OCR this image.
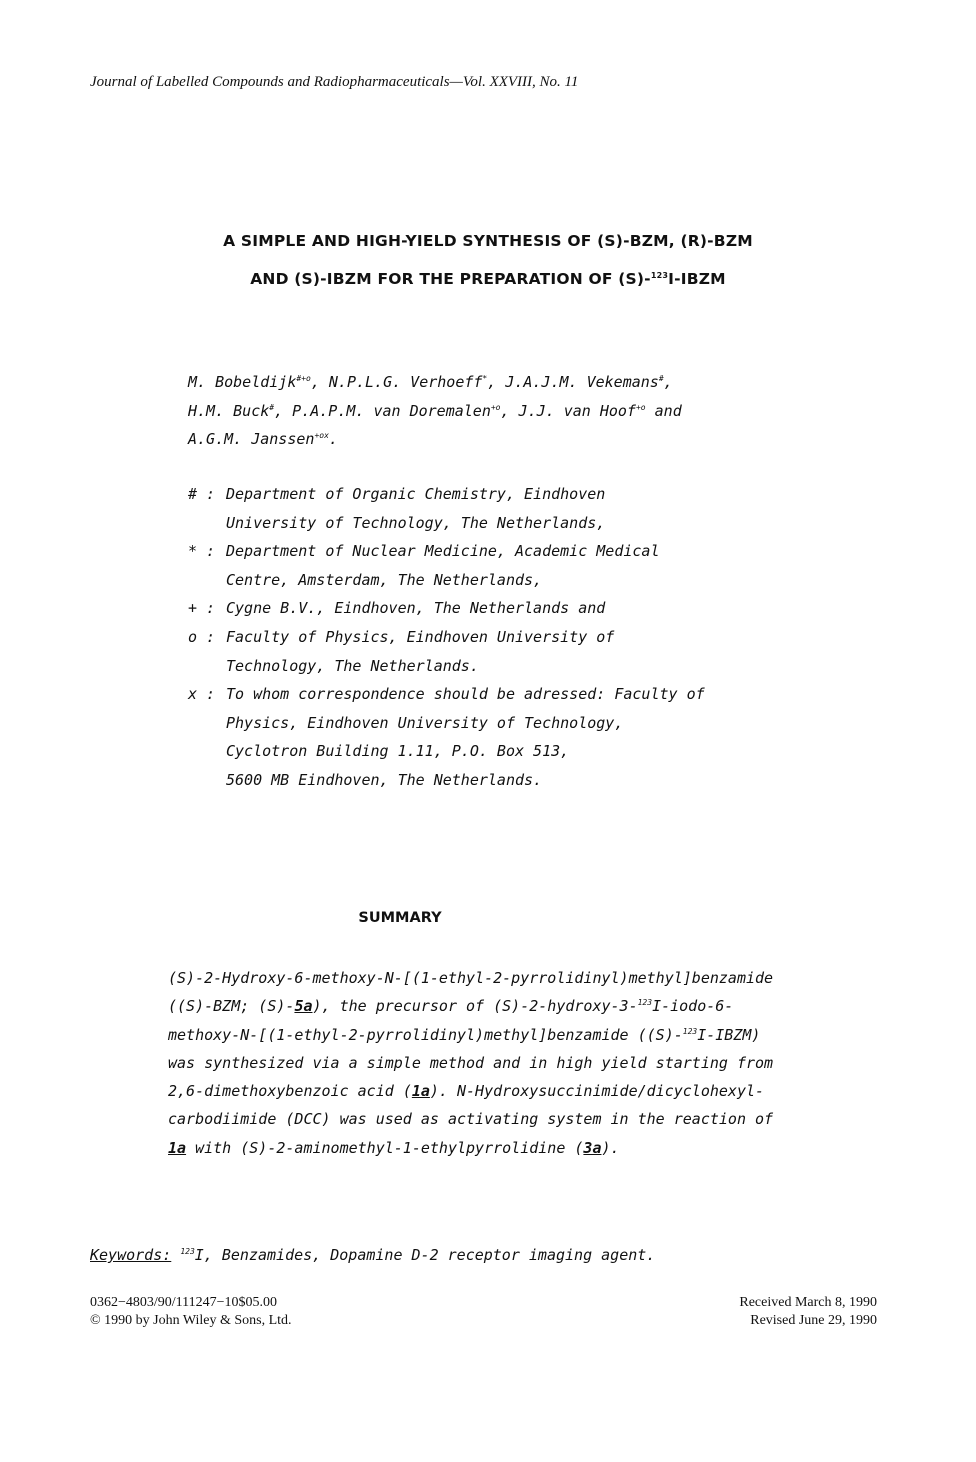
Journal of Labelled Compounds and Radiopharmaceuticals—Vol. XXVIII, No. 11
A SIMPLE AND HIGH-YIELD SYNTHESIS OF (S)-BZM, (R)-BZM
AND (S)-IBZM FOR THE PREPARATION OF (S)-$^{123}$I-IBZM
M. Bobeldijk$^{\#+o}$, N.P.L.G. Verhoeff*, J.A.J.M. Vekemans#,
H.M. Buck#, P.A.P.M. van Doremalen$^{+o}$, J.J. van Hoof$^{+o}$ and
A.G.M. Janssen$^{+ox}$.
# : Department of Organic Chemistry, Eindhoven
University of Technology, The Netherlands,
* : Department of Nuclear Medicine, Academic Medical
Centre, Amsterdam, The Netherlands,
+ : Cygne B.V., Eindhoven, The Netherlands and
o : Faculty of Physics, Eindhoven University of
Technology, The Netherlands.
x : To whom correspondence should be adressed: Faculty of
Physics, Eindhoven University of Technology,
Cyclotron Building 1.11, P.O. Box 513,
5600 MB Eindhoven, The Netherlands.
SUMMARY
(S)-2-Hydroxy-6-methoxy-N-[(1-ethyl-2-pyrrolidinyl)methyl]benzamide
((S)-BZM; (S)-5a), the precursor of (S)-2-hydroxy-3-$^{123}$I-iodo-6-
methoxy-N-[(1-ethyl-2-pyrrolidinyl)methyl]benzamide ((S)-$^{123}$I-IBZM)
was synthesized via a simple method and in high yield starting from
2,6-dimethoxybenzoic acid (1a). N-Hydroxysuccinimide/dicyclohexyl-
carbodiimide (DCC) was used as activating system in the reaction of
1a with (S)-2-aminomethyl-1-ethylpyrrolidine (3a).
Keywords: $^{123}$I, Benzamides, Dopamine D-2 receptor imaging agent.
0362−4803/90/111247−10$05.00
© 1990 by John Wiley & Sons, Ltd.
Received March 8, 1990
Revised June 29, 1990
